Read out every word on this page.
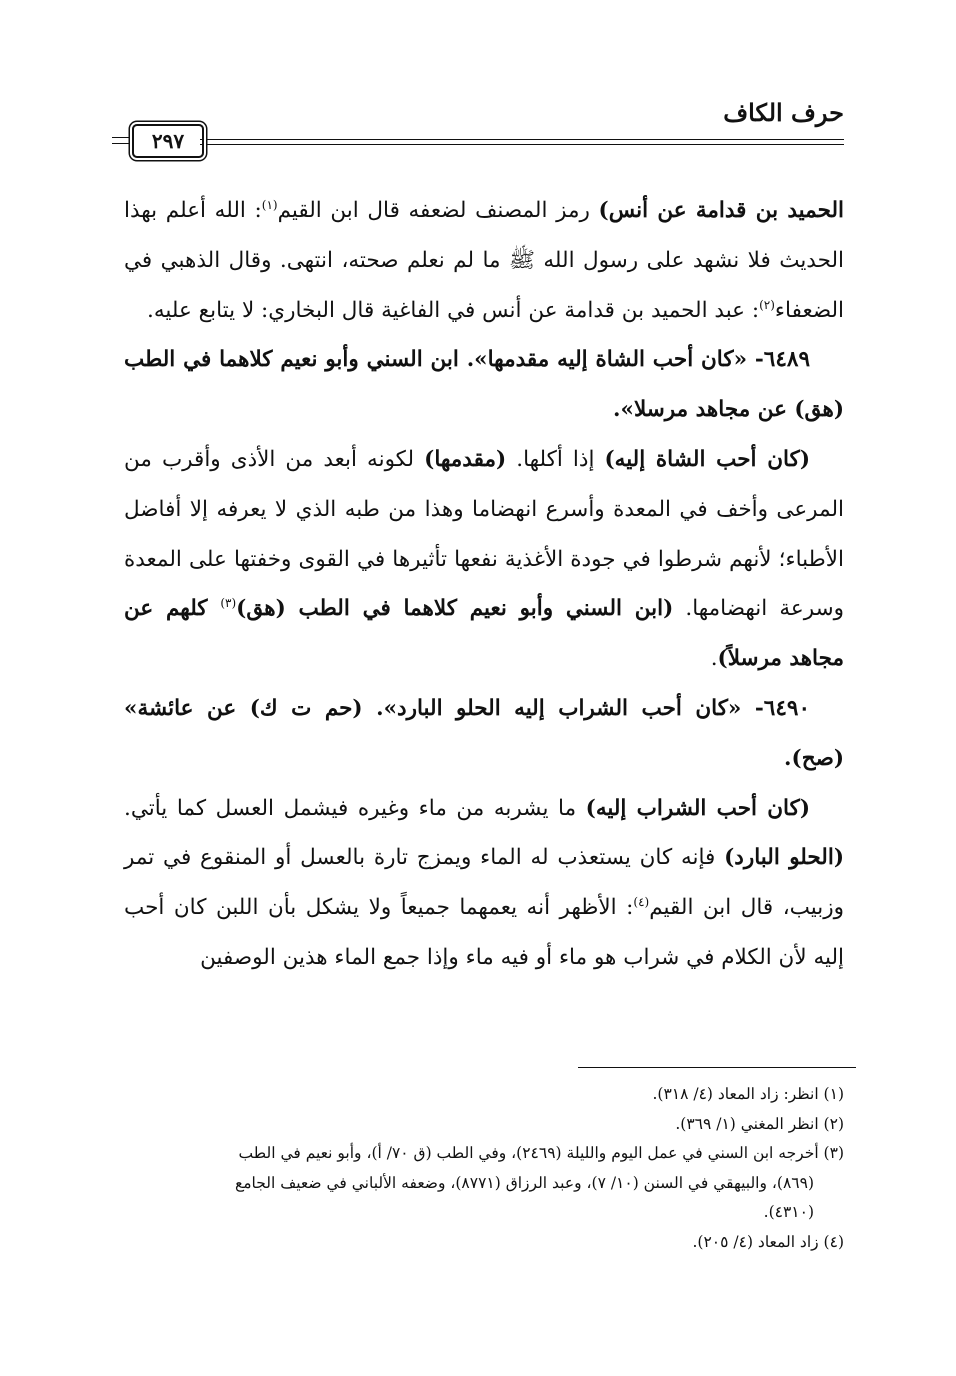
حرف الكاف
٢٩٧

الحميد بن قدامة عن أنس) رمز المصنف لضعفه قال ابن القيم$^{(١)}$: الله أعلم بهذا الحديث فلا نشهد على رسول الله ﷺ ما لم نعلم صحته، انتهى. وقال الذهبي في الضعفاء$^{(٢)}$: عبد الحميد بن قدامة عن أنس في الفاغية قال البخاري: لا يتابع عليه.

٦٤٨٩- «كان أحب الشاة إليه مقدمها». ابن السني وأبو نعيم كلاهما في الطب (هق) عن مجاهد مرسلا».

(كان أحب الشاة إليه) إذا أكلها. (مقدمها) لكونه أبعد من الأذى وأقرب من المرعى وأخف في المعدة وأسرع انهضاما وهذا من طبه الذي لا يعرفه إلا أفاضل الأطباء؛ لأنهم شرطوا في جودة الأغذية نفعها تأثيرها في القوى وخفتها على المعدة وسرعة انهضامها. (ابن السني وأبو نعيم كلاهما في الطب (هق)$^{(٣)}$ كلهم عن مجاهد مرسلاً).

٦٤٩٠- «كان أحب الشراب إليه الحلو البارد». (حم ت ك) عن عائشة» (صح).

(كان أحب الشراب إليه) ما يشربه من ماء وغيره فيشمل العسل كما يأتي. (الحلو البارد) فإنه كان يستعذب له الماء ويمزج تارة بالعسل أو المنقوع في تمر وزبيب، قال ابن القيم$^{(٤)}$: الأظهر أنه يعمهما جميعاً ولا يشكل بأن اللبن كان أحب إليه لأن الكلام في شراب هو ماء أو فيه ماء وإذا جمع الماء هذين الوصفين

(١) انظر: زاد المعاد (٤/ ٣١٨).
(٢) انظر المغني (١/ ٣٦٩).
(٣) أخرجه ابن السني في عمل اليوم والليلة (٢٤٦٩)، وفي الطب (ق ٧٠/ أ)، وأبو نعيم في الطب
(٨٦٩)، والبيهقي في السنن (١٠/ ٧)، وعبد الرزاق (٨٧٧١)، وضعفه الألباني في ضعيف الجامع
(٤٣١٠).
(٤) زاد المعاد (٤/ ٢٠٥).
